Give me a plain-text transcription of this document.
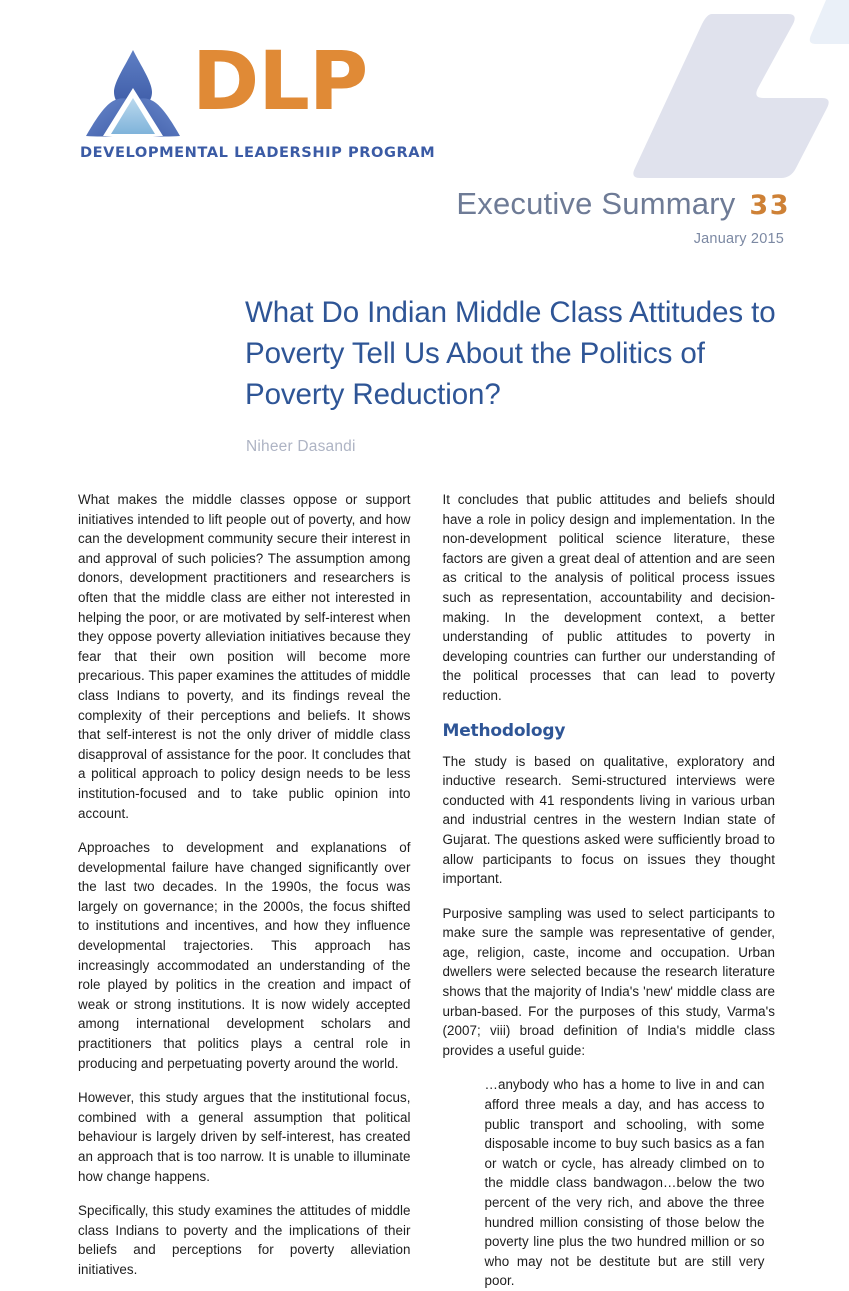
DLP
DEVELOPMENTAL LEADERSHIP PROGRAM
Executive Summary 33
January 2015
What Do Indian Middle Class Attitudes to Poverty Tell Us About the Politics of Poverty Reduction?
Niheer Dasandi

What makes the middle classes oppose or support initiatives intended to lift people out of poverty, and how can the development community secure their interest in and approval of such policies? The assumption among donors, development practitioners and researchers is often that the middle class are either not interested in helping the poor, or are motivated by self-interest when they oppose poverty alleviation initiatives because they fear that their own position will become more precarious. This paper examines the attitudes of middle class Indians to poverty, and its findings reveal the complexity of their perceptions and beliefs. It shows that self-interest is not the only driver of middle class disapproval of assistance for the poor. It concludes that a political approach to policy design needs to be less institution-focused and to take public opinion into account.

Approaches to development and explanations of developmental failure have changed significantly over the last two decades. In the 1990s, the focus was largely on governance; in the 2000s, the focus shifted to institutions and incentives, and how they influence developmental trajectories. This approach has increasingly accommodated an understanding of the role played by politics in the creation and impact of weak or strong institutions. It is now widely accepted among international development scholars and practitioners that politics plays a central role in producing and perpetuating poverty around the world.

However, this study argues that the institutional focus, combined with a general assumption that political behaviour is largely driven by self-interest, has created an approach that is too narrow. It is unable to illuminate how change happens.

Specifically, this study examines the attitudes of middle class Indians to poverty and the implications of their beliefs and perceptions for poverty alleviation initiatives.

It concludes that public attitudes and beliefs should have a role in policy design and implementation. In the non-development political science literature, these factors are given a great deal of attention and are seen as critical to the analysis of political process issues such as representation, accountability and decision-making. In the development context, a better understanding of public attitudes to poverty in developing countries can further our understanding of the political processes that can lead to poverty reduction.

Methodology

The study is based on qualitative, exploratory and inductive research. Semi-structured interviews were conducted with 41 respondents living in various urban and industrial centres in the western Indian state of Gujarat. The questions asked were sufficiently broad to allow participants to focus on issues they thought important.

Purposive sampling was used to select participants to make sure the sample was representative of gender, age, religion, caste, income and occupation. Urban dwellers were selected because the research literature shows that the majority of India's 'new' middle class are urban-based. For the purposes of this study, Varma's (2007; viii) broad definition of India's middle class provides a useful guide:

…anybody who has a home to live in and can afford three meals a day, and has access to public transport and schooling, with some disposable income to buy such basics as a fan or watch or cycle, has already climbed on to the middle class bandwagon…below the two percent of the very rich, and above the three hundred million consisting of those below the poverty line plus the two hundred million or so who may not be destitute but are still very poor.
